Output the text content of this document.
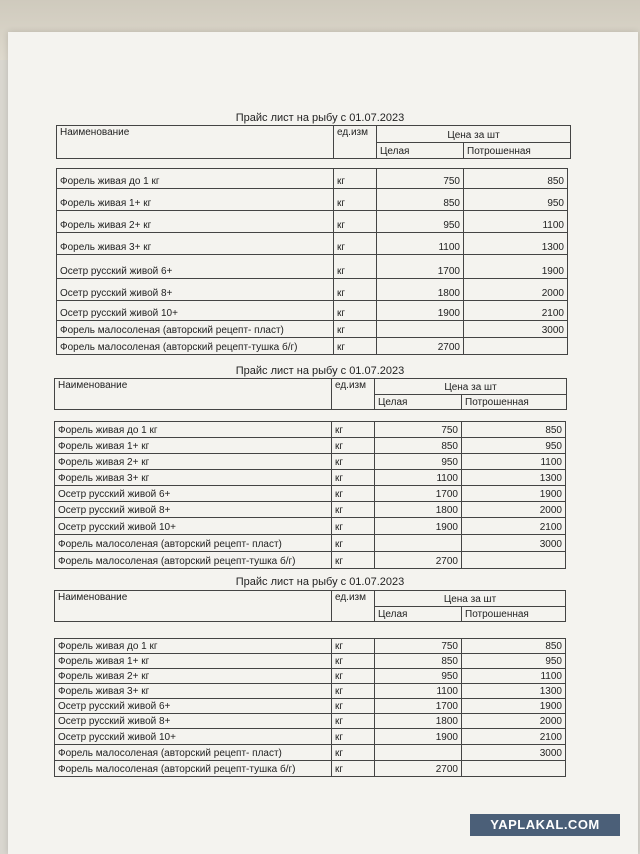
Прайс лист на рыбу с 01.07.2023
Наименование	ед.изм	Цена за шт	
		Целая	Потрошенная
Форель живая до 1 кг	кг	750	850
Форель живая 1+ кг	кг	850	950
Форель живая 2+ кг	кг	950	1100
Форель живая 3+ кг	кг	1100	1300
Осетр русский живой 6+	кг	1700	1900
Осетр русский живой 8+	кг	1800	2000
Осетр русский живой 10+	кг	1900	2100
Форель малосоленая (авторский рецепт- пласт)	кг		3000
Форель малосоленая (авторский рецепт-тушка б/г)	кг	2700	
Прайс лист на рыбу с 01.07.2023
Наименование	ед.изм	Цена за шт	
		Целая	Потрошенная
Форель живая до 1 кг	кг	750	850
Форель живая 1+ кг	кг	850	950
Форель живая 2+ кг	кг	950	1100
Форель живая 3+ кг	кг	1100	1300
Осетр русский живой 6+	кг	1700	1900
Осетр русский живой 8+	кг	1800	2000
Осетр русский живой 10+	кг	1900	2100
Форель малосоленая (авторский рецепт- пласт)	кг		3000
Форель малосоленая (авторский рецепт-тушка б/г)	кг	2700	
Прайс лист на рыбу с 01.07.2023
Наименование	ед.изм	Цена за шт	
		Целая	Потрошенная
Форель живая до 1 кг	кг	750	850
Форель живая 1+ кг	кг	850	950
Форель живая 2+ кг	кг	950	1100
Форель живая 3+ кг	кг	1100	1300
Осетр русский живой 6+	кг	1700	1900
Осетр русский живой 8+	кг	1800	2000
Осетр русский живой 10+	кг	1900	2100
Форель малосоленая (авторский рецепт- пласт)	кг		3000
Форель малосоленая (авторский рецепт-тушка б/г)	кг	2700	
YAPLAKAL.COM
